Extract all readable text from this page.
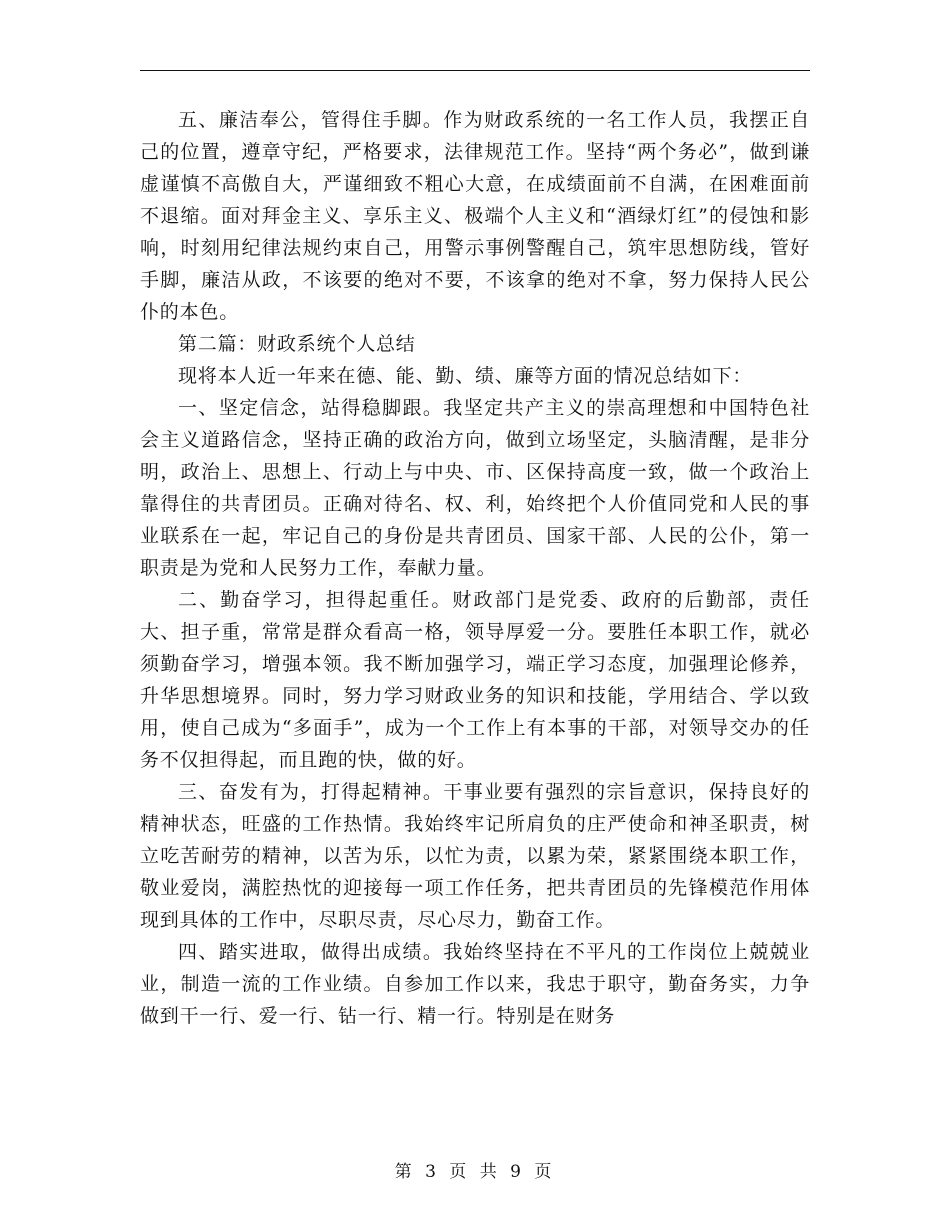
五、廉洁奉公，管得住手脚。作为财政系统的一名工作人员，我摆正自己的位置，遵章守纪，严格要求，法律规范工作。坚持“两个务必”，做到谦虚谨慎不高傲自大，严谨细致不粗心大意，在成绩面前不自满，在困难面前不退缩。面对拜金主义、享乐主义、极端个人主义和“酒绿灯红”的侵蚀和影响，时刻用纪律法规约束自己，用警示事例警醒自己，筑牢思想防线，管好手脚，廉洁从政，不该要的绝对不要，不该拿的绝对不拿，努力保持人民公仆的本色。

第二篇：财政系统个人总结

现将本人近一年来在德、能、勤、绩、廉等方面的情况总结如下：

一、坚定信念，站得稳脚跟。我坚定共产主义的崇高理想和中国特色社会主义道路信念，坚持正确的政治方向，做到立场坚定，头脑清醒，是非分明，政治上、思想上、行动上与中央、市、区保持高度一致，做一个政治上靠得住的共青团员。正确对待名、权、利，始终把个人价值同党和人民的事业联系在一起，牢记自己的身份是共青团员、国家干部、人民的公仆，第一职责是为党和人民努力工作，奉献力量。

二、勤奋学习，担得起重任。财政部门是党委、政府的后勤部，责任大、担子重，常常是群众看高一格，领导厚爱一分。要胜任本职工作，就必须勤奋学习，增强本领。我不断加强学习，端正学习态度，加强理论修养，升华思想境界。同时，努力学习财政业务的知识和技能，学用结合、学以致用，使自己成为“多面手”，成为一个工作上有本事的干部，对领导交办的任务不仅担得起，而且跑的快，做的好。

三、奋发有为，打得起精神。干事业要有强烈的宗旨意识，保持良好的精神状态，旺盛的工作热情。我始终牢记所肩负的庄严使命和神圣职责，树立吃苦耐劳的精神，以苦为乐，以忙为责，以累为荣，紧紧围绕本职工作，敬业爱岗，满腔热忱的迎接每一项工作任务，把共青团员的先锋模范作用体现到具体的工作中，尽职尽责，尽心尽力，勤奋工作。

四、踏实进取，做得出成绩。我始终坚持在不平凡的工作岗位上兢兢业业，制造一流的工作业绩。自参加工作以来，我忠于职守，勤奋务实，力争做到干一行、爱一行、钻一行、精一行。特别是在财务

第 3 页 共 9 页
